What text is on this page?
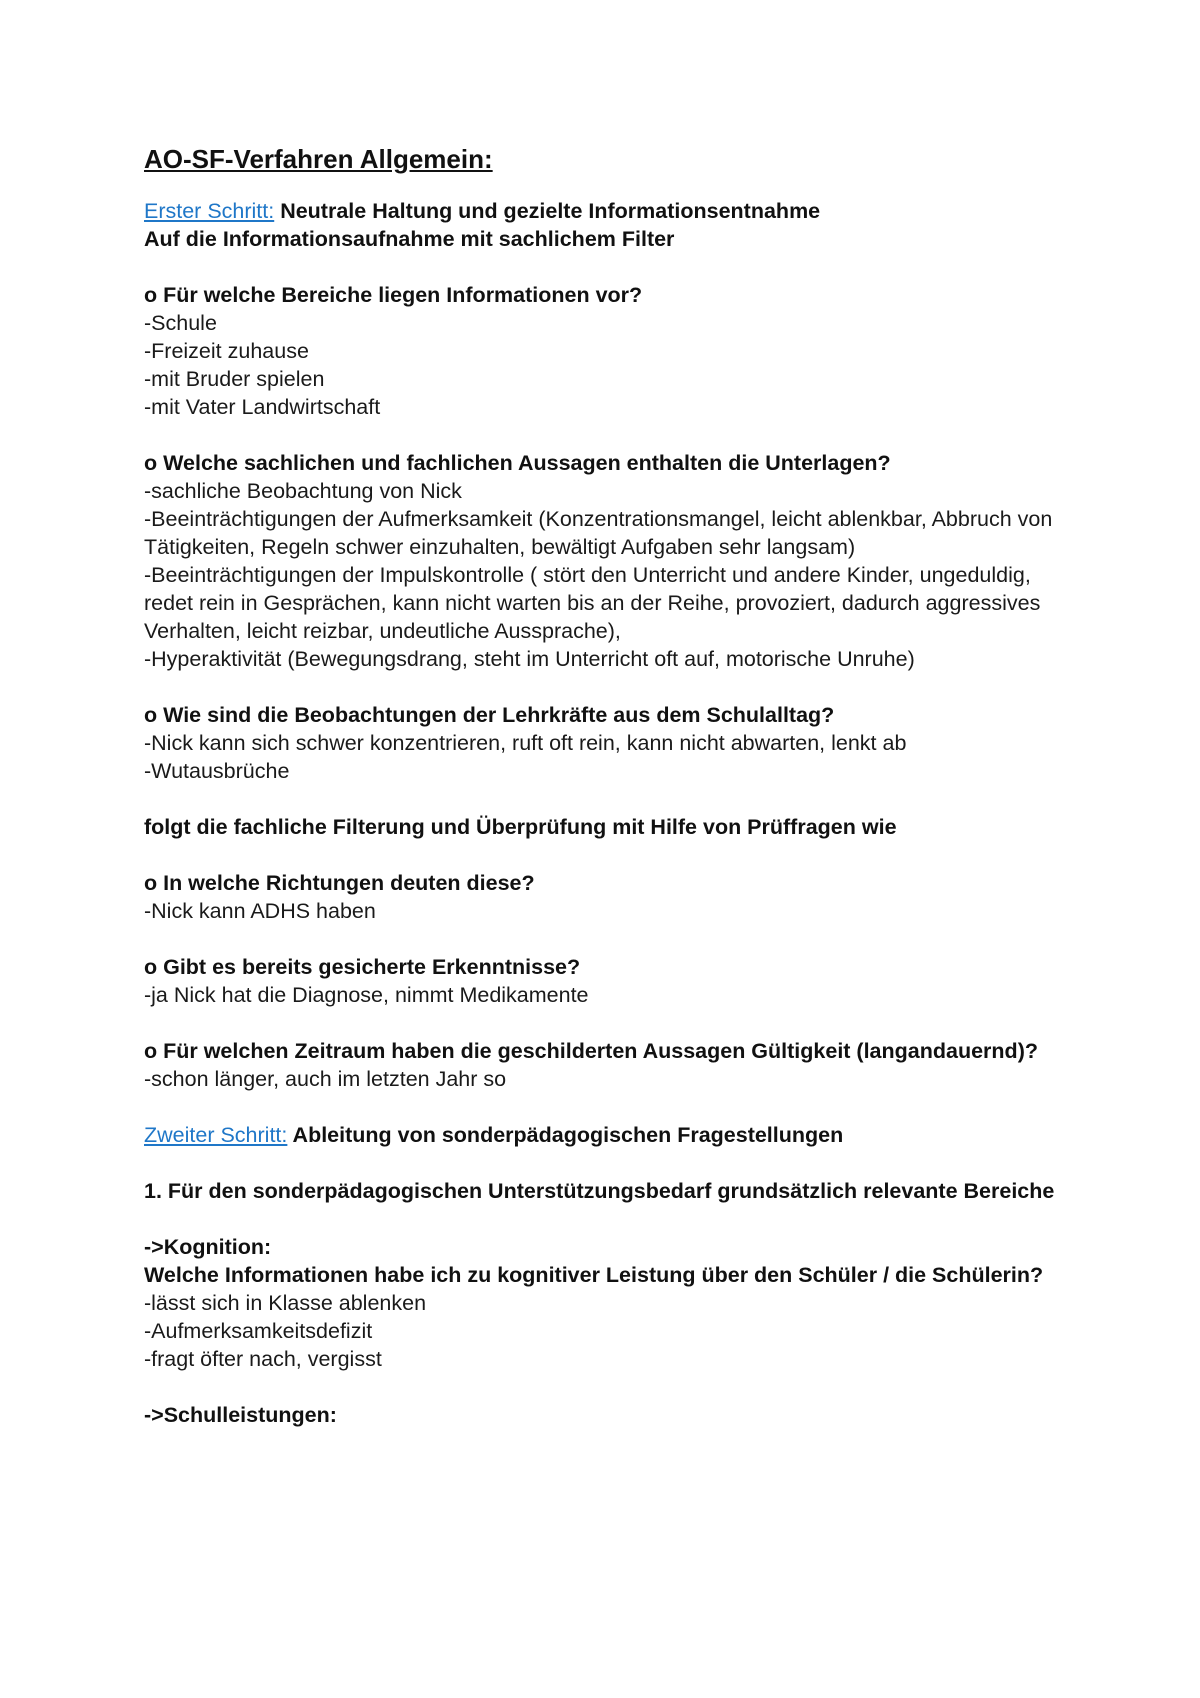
AO-SF-Verfahren Allgemein:

Erster Schritt: Neutrale Haltung und gezielte Informationsentnahme

Auf die Informationsaufnahme mit sachlichem Filter

o Für welche Bereiche liegen Informationen vor?

-Schule

-Freizeit zuhause

-mit Bruder spielen

-mit Vater Landwirtschaft

o Welche sachlichen und fachlichen Aussagen enthalten die Unterlagen?

-sachliche Beobachtung von Nick

-Beeinträchtigungen der Aufmerksamkeit (Konzentrationsmangel, leicht ablenkbar, Abbruch von Tätigkeiten, Regeln schwer einzuhalten, bewältigt Aufgaben sehr langsam)

-Beeinträchtigungen der Impulskontrolle ( stört den Unterricht und andere Kinder, ungeduldig, redet rein in Gesprächen, kann nicht warten bis an der Reihe, provoziert, dadurch aggressives Verhalten, leicht reizbar, undeutliche Aussprache),

-Hyperaktivität (Bewegungsdrang, steht im Unterricht oft auf, motorische Unruhe)

o Wie sind die Beobachtungen der Lehrkräfte aus dem Schulalltag?

-Nick kann sich schwer konzentrieren, ruft oft rein, kann nicht abwarten, lenkt ab

-Wutausbrüche

folgt die fachliche Filterung und Überprüfung mit Hilfe von Prüffragen wie

o In welche Richtungen deuten diese?

-Nick kann ADHS haben

o Gibt es bereits gesicherte Erkenntnisse?

-ja Nick hat die Diagnose, nimmt Medikamente

o Für welchen Zeitraum haben die geschilderten Aussagen Gültigkeit (langandauernd)?

-schon länger, auch im letzten Jahr so

Zweiter Schritt: Ableitung von sonderpädagogischen Fragestellungen

1. Für den sonderpädagogischen Unterstützungsbedarf grundsätzlich relevante Bereiche

->Kognition:

Welche Informationen habe ich zu kognitiver Leistung über den Schüler / die Schülerin?

-lässt sich in Klasse ablenken

-Aufmerksamkeitsdefizit

-fragt öfter nach, vergisst

->Schulleistungen:
